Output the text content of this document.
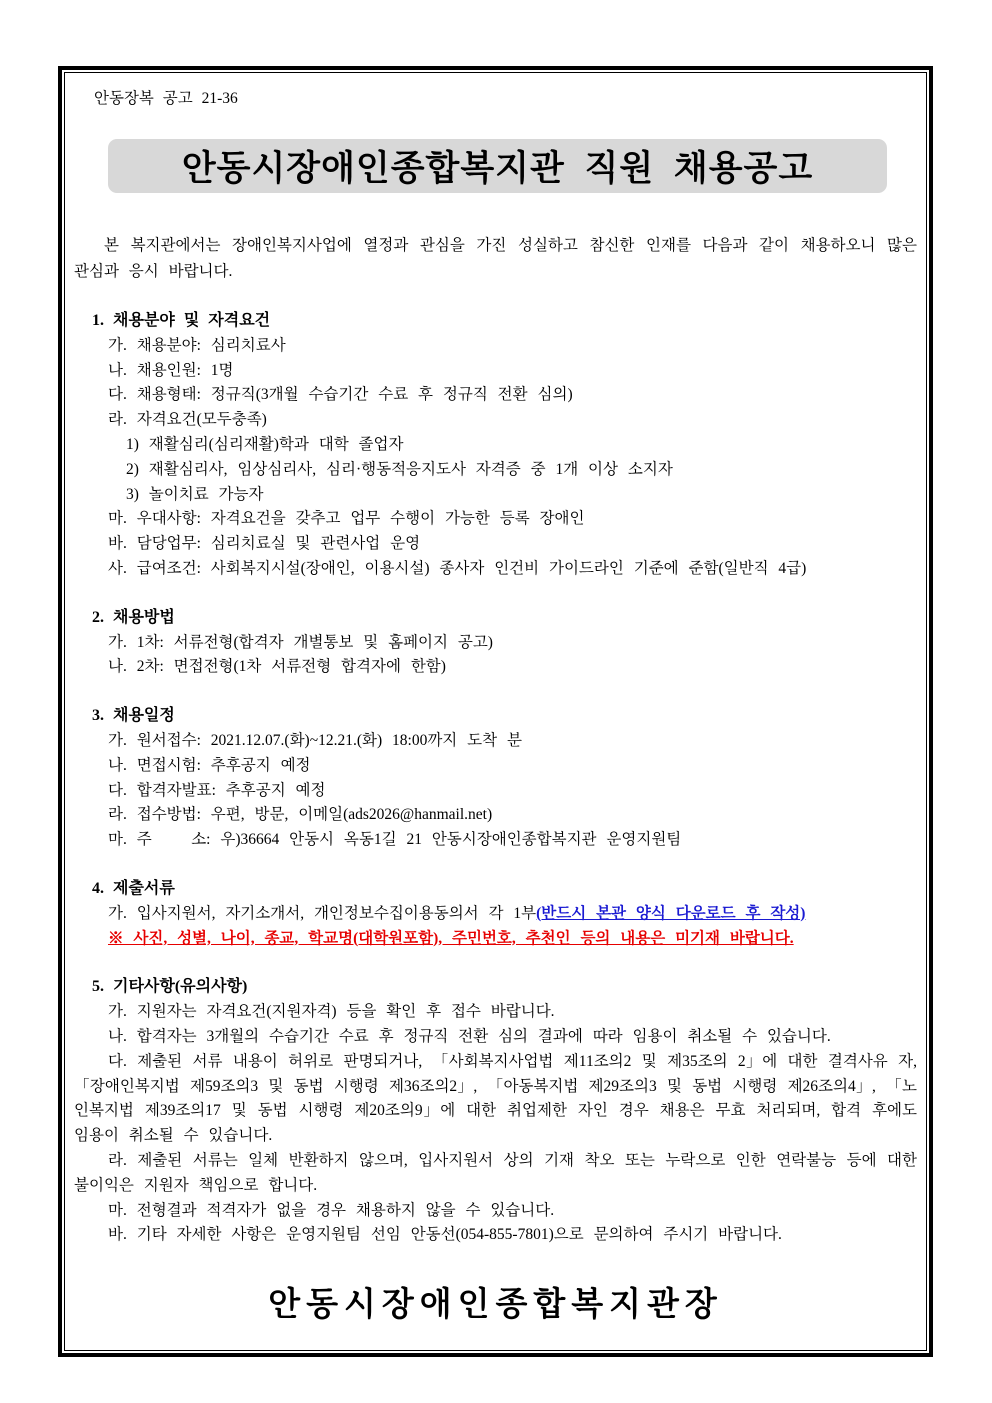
안동장복 공고 21-36
안동시장애인종합복지관 직원 채용공고

본 복지관에서는 장애인복지사업에 열정과 관심을 가진 성실하고 참신한 인재를 다음과 같이 채용하오니 많은 관심과 응시 바랍니다.

1. 채용분야 및 자격요건

가. 채용분야: 심리치료사

나. 채용인원: 1명

다. 채용형태: 정규직(3개월 수습기간 수료 후 정규직 전환 심의)

라. 자격요건(모두충족)

1) 재활심리(심리재활)학과 대학 졸업자

2) 재활심리사, 임상심리사, 심리·행동적응지도사 자격증 중 1개 이상 소지자

3) 놀이치료 가능자

마. 우대사항: 자격요건을 갖추고 업무 수행이 가능한 등록 장애인

바. 담당업무: 심리치료실 및 관련사업 운영

사. 급여조건: 사회복지시설(장애인, 이용시설) 종사자 인건비 가이드라인 기준에 준함(일반직 4급)

2. 채용방법

가. 1차: 서류전형(합격자 개별통보 및 홈페이지 공고)

나. 2차: 면접전형(1차 서류전형 합격자에 한함)

3. 채용일정

가. 원서접수: 2021.12.07.(화)~12.21.(화) 18:00까지 도착 분

나. 면접시험: 추후공지 예정

다. 합격자발표: 추후공지 예정

라. 접수방법: 우편, 방문, 이메일(ads2026@hanmail.net)

마. 주    소: 우)36664 안동시 옥동1길 21 안동시장애인종합복지관 운영지원팀

4. 제출서류

가. 입사지원서, 자기소개서, 개인정보수집이용동의서 각 1부(반드시 본관 양식 다운로드 후 작성)

※ 사진, 성별, 나이, 종교, 학교명(대학원포함), 주민번호, 추천인 등의 내용은 미기재 바랍니다.

5. 기타사항(유의사항)

가. 지원자는 자격요건(지원자격) 등을 확인 후 접수 바랍니다.

나. 합격자는 3개월의 수습기간 수료 후 정규직 전환 심의 결과에 따라 임용이 취소될 수 있습니다.

다. 제출된 서류 내용이 허위로 판명되거나, 「사회복지사업법 제11조의2 및 제35조의 2」에 대한 결격사유 자, 「장애인복지법 제59조의3 및 동법 시행령 제36조의2」, 「아동복지법 제29조의3 및 동법 시행령 제26조의4」, 「노인복지법 제39조의17 및 동법 시행령 제20조의9」에 대한 취업제한 자인 경우 채용은 무효 처리되며, 합격 후에도 임용이 취소될 수 있습니다.

라. 제출된 서류는 일체 반환하지 않으며, 입사지원서 상의 기재 착오 또는 누락으로 인한 연락불능 등에 대한 불이익은 지원자 책임으로 합니다.

마. 전형결과 적격자가 없을 경우 채용하지 않을 수 있습니다.

바. 기타 자세한 사항은 운영지원팀 선임 안동선(054-855-7801)으로 문의하여 주시기 바랍니다.

안동시장애인종합복지관장
